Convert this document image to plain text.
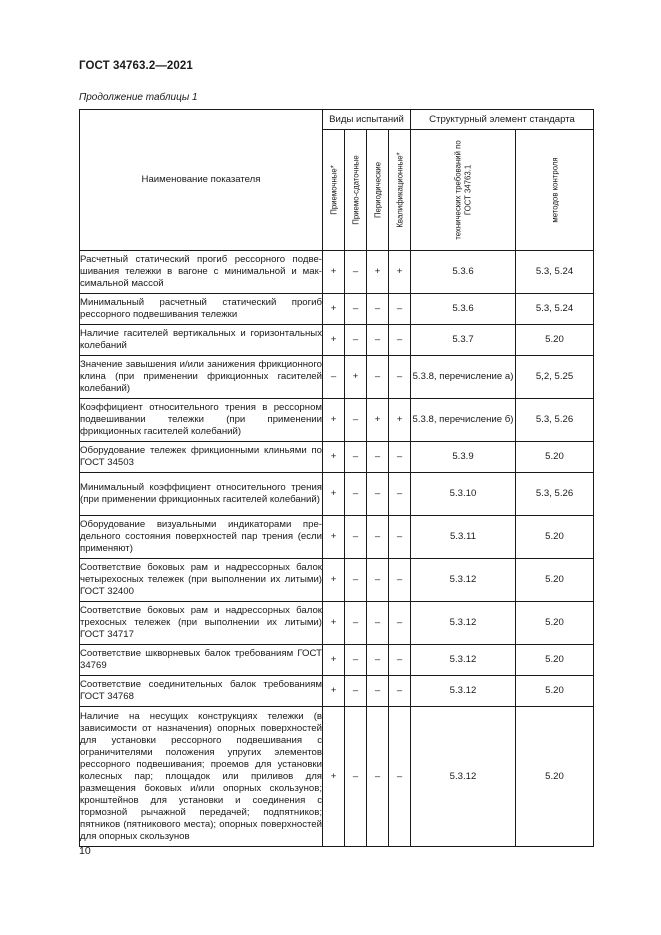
ГОСТ 34763.2—2021
Продолжение таблицы 1
Наименование показателя	Виды испытаний				Структурный элемент стандарта	

	Приемочные*	Приемо-сдаточные	Периодические	Квалификационные*	технических требований по ГОСТ 34763.1	методов контроля

Расчетный статический прогиб рессорного подвешивания тележки в вагоне с минимальной и максимальной массой	+	–	+	+	5.3.6	5.3, 5.24
Минимальный расчетный статический прогиб рессорного подвешивания тележки	+	–	–	–	5.3.6	5.3, 5.24
Наличие гасителей вертикальных и горизонтальных колебаний	+	–	–	–	5.3.7	5.20
Значение завышения и/или занижения фрикционного клина (при применении фрикционных гасителей колебаний)	–	+	–	–	5.3.8, перечисление а)	5,2, 5.25
Коэффициент относительного трения в рессорном подвешивании тележки (при применении фрикционных гасителей колебаний)	+	–	+	+	5.3.8, перечисление б)	5.3, 5.26
Оборудование тележек фрикционными клиньями по ГОСТ 34503	+	–	–	–	5.3.9	5.20
Минимальный коэффициент относительного трения (при применении фрикционных гасителей колебаний)	+	–	–	–	5.3.10	5.3, 5.26
Оборудование визуальными индикаторами предельного состояния поверхностей пар трения (если применяют)	+	–	–	–	5.3.11	5.20
Соответствие боковых рам и надрессорных балок четырехосных тележек (при выполнении их литыми) ГОСТ 32400	+	–	–	–	5.3.12	5.20
Соответствие боковых рам и надрессорных балок трехосных тележек (при выполнении их литыми) ГОСТ 34717	+	–	–	–	5.3.12	5.20
Соответствие шкворневых балок требованиям ГОСТ 34769	+	–	–	–	5.3.12	5.20
Соответствие соединительных балок требованиям ГОСТ 34768	+	–	–	–	5.3.12	5.20
Наличие на несущих конструкциях тележки (в зависимости от назначения) опорных поверхностей для установки рессорного подвешивания с ограничителями положения упругих элементов рессорного подвешивания; проемов для установки колесных пар; площадок или приливов для размещения боковых и/или опорных скользунов; кронштейнов для установки и соединения с тормозной рычажной передачей; подпятников; пятников (пятникового места); опорных поверхностей для опорных скользунов	+	–	–	–	5.3.12	5.20
10
